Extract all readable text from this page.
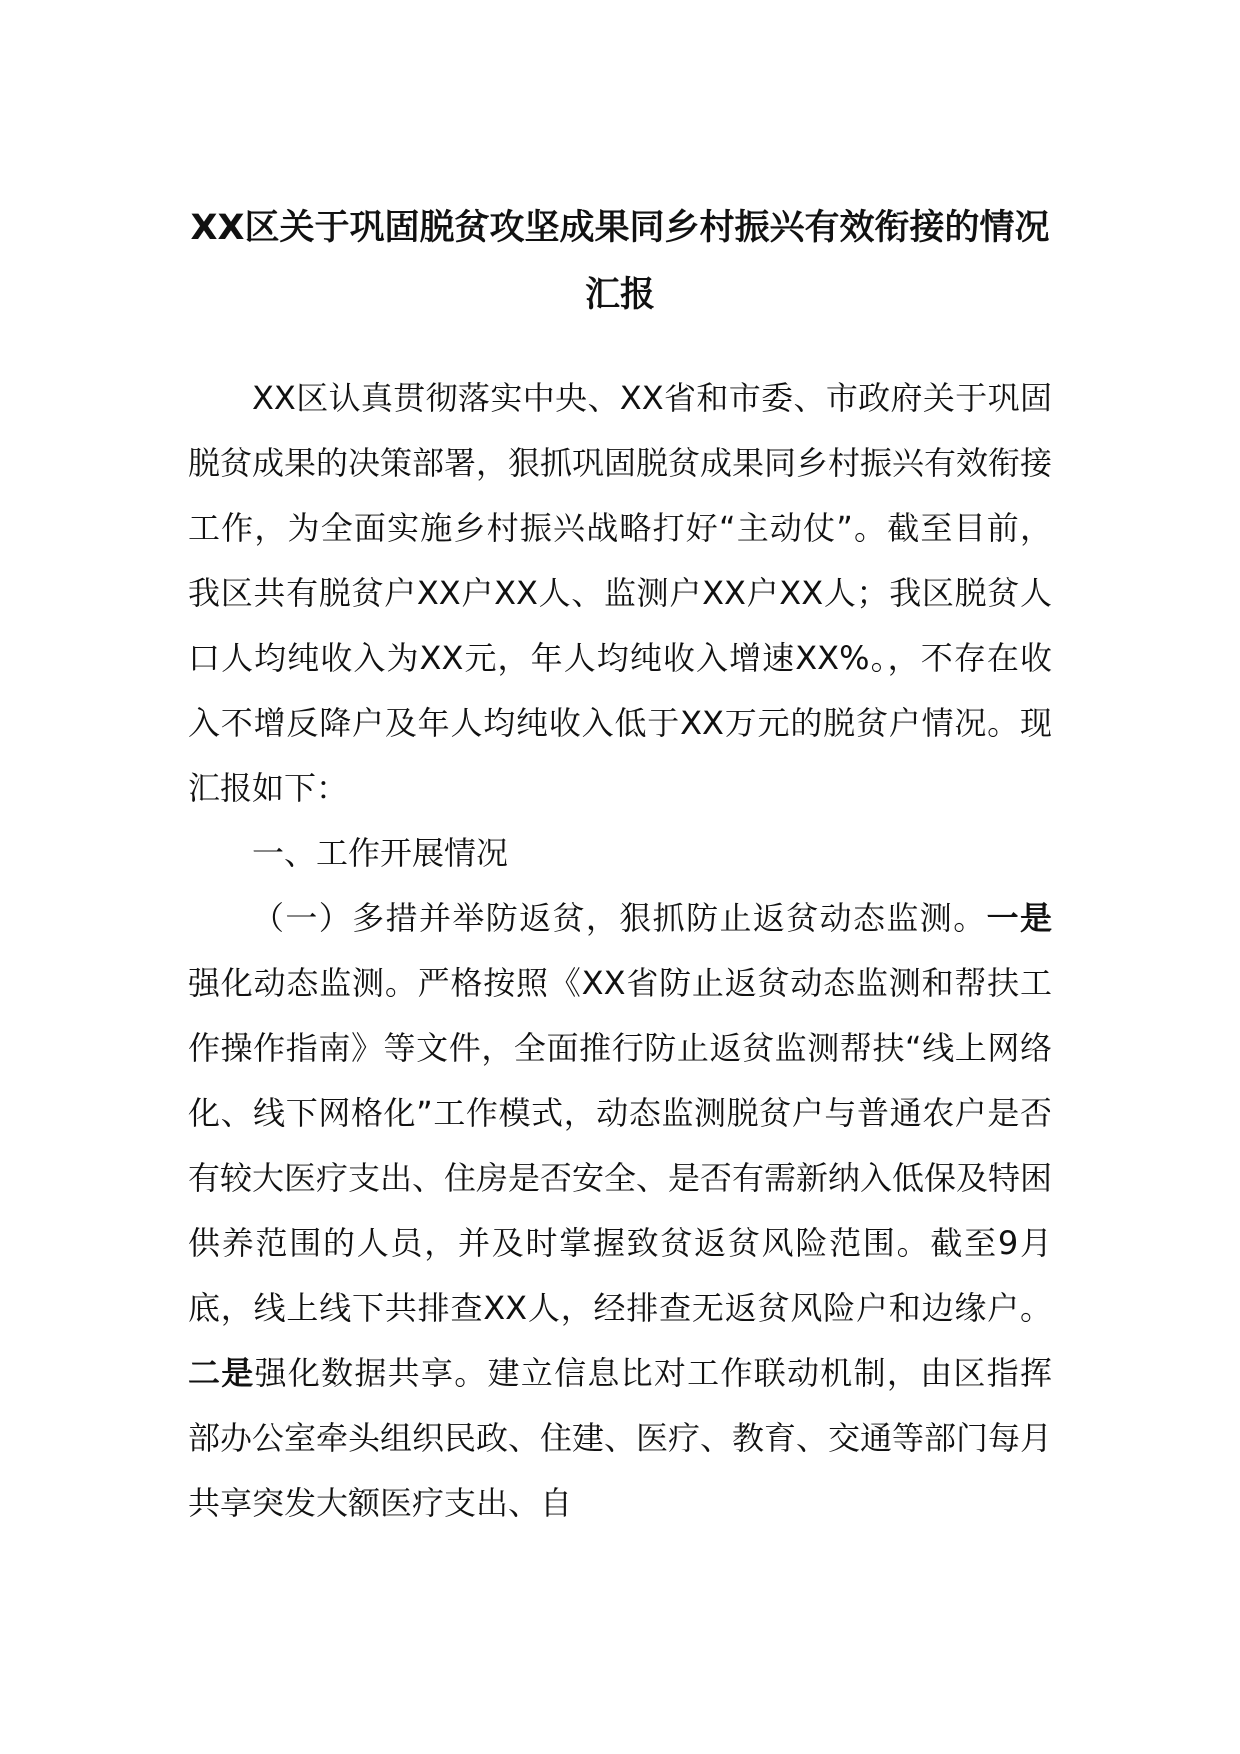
XX区关于巩固脱贫攻坚成果同乡村振兴有效衔接的情况汇报

XX区认真贯彻落实中央、XX省和市委、市政府关于巩固脱贫成果的决策部署，狠抓巩固脱贫成果同乡村振兴有效衔接工作，为全面实施乡村振兴战略打好“主动仗”。截至目前，我区共有脱贫户XX户XX人、监测户XX户XX人；我区脱贫人口人均纯收入为XX元，年人均纯收入增速XX%。，不存在收入不增反降户及年人均纯收入低于XX万元的脱贫户情况。现汇报如下：

一、工作开展情况

（一）多措并举防返贫，狠抓防止返贫动态监测。一是强化动态监测。严格按照《XX省防止返贫动态监测和帮扶工作操作指南》等文件，全面推行防止返贫监测帮扶“线上网络化、线下网格化”工作模式，动态监测脱贫户与普通农户是否有较大医疗支出、住房是否安全、是否有需新纳入低保及特困供养范围的人员，并及时掌握致贫返贫风险范围。截至9月底，线上线下共排查XX人，经排查无返贫风险户和边缘户。二是强化数据共享。建立信息比对工作联动机制，由区指挥部办公室牵头组织民政、住建、医疗、教育、交通等部门每月共享突发大额医疗支出、自
